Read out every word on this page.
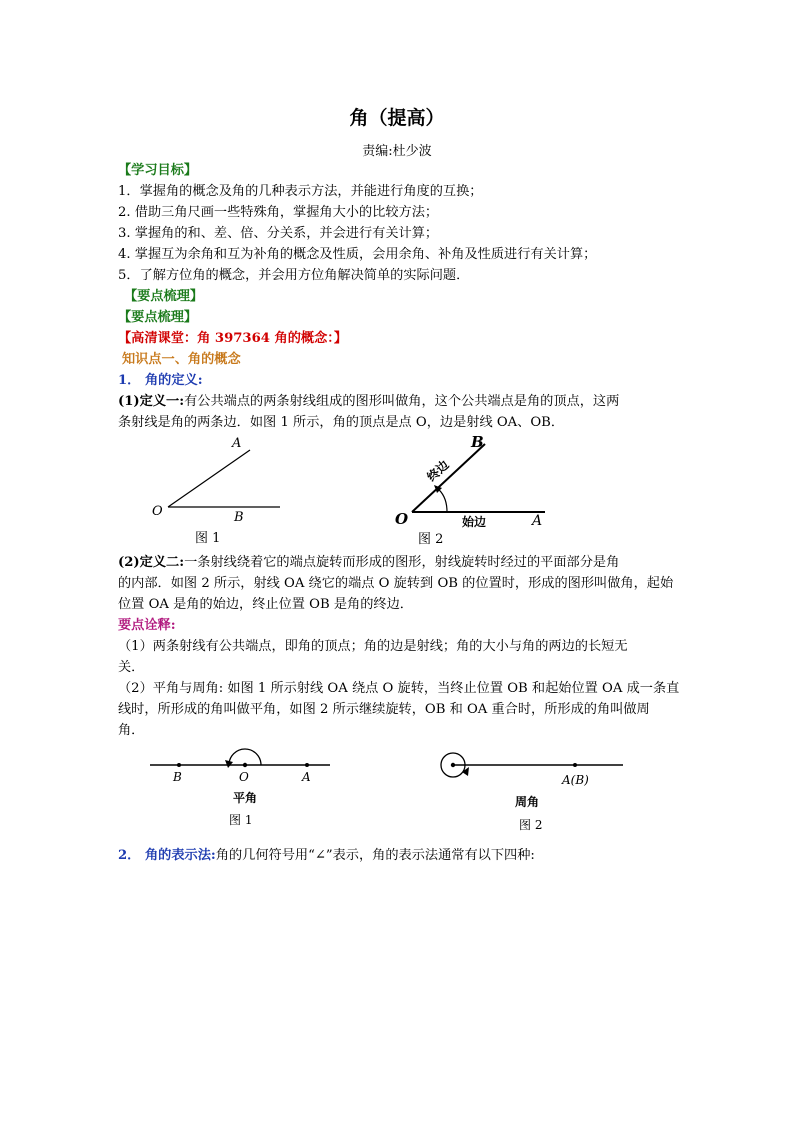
角（提高）
责编:杜少波
【学习目标】
1．掌握角的概念及角的几种表示方法，并能进行角度的互换；
2. 借助三角尺画一些特殊角，掌握角大小的比较方法；
3. 掌握角的和、差、倍、分关系，并会进行有关计算；
4. 掌握互为余角和互为补角的概念及性质，会用余角、补角及性质进行有关计算；
5．了解方位角的概念，并会用方位角解决简单的实际问题．
【要点梳理】
【要点梳理】
【高清课堂：角 397364 角的概念：】
知识点一、角的概念
1． 角的定义:
(1)定义一:有公共端点的两条射线组成的图形叫做角，这个公共端点是角的顶点，这两
条射线是角的两条边．如图 1 所示，角的顶点是点 O，边是射线 OA、OB．
A
O	B
图 1
B
O	A
终边
始边
图 2
(2)定义二:一条射线绕着它的端点旋转而形成的图形，射线旋转时经过的平面部分是角
的内部．如图 2 所示，射线 OA 绕它的端点 O 旋转到 OB 的位置时，形成的图形叫做角，起始
位置 OA 是角的始边，终止位置 OB 是角的终边．
要点诠释:
（1）两条射线有公共端点，即角的顶点；角的边是射线；角的大小与角的两边的长短无
关．
（2）平角与周角: 如图 1 所示射线 OA 绕点 O 旋转，当终止位置 OB 和起始位置 OA 成一条直
线时，所形成的角叫做平角，如图 2 所示继续旋转，OB 和 OA 重合时，所形成的角叫做周
角．
B	O	A
平角
图 1
A(B)
周角
图 2
2． 角的表示法:角的几何符号用“∠”表示，角的表示法通常有以下四种:
